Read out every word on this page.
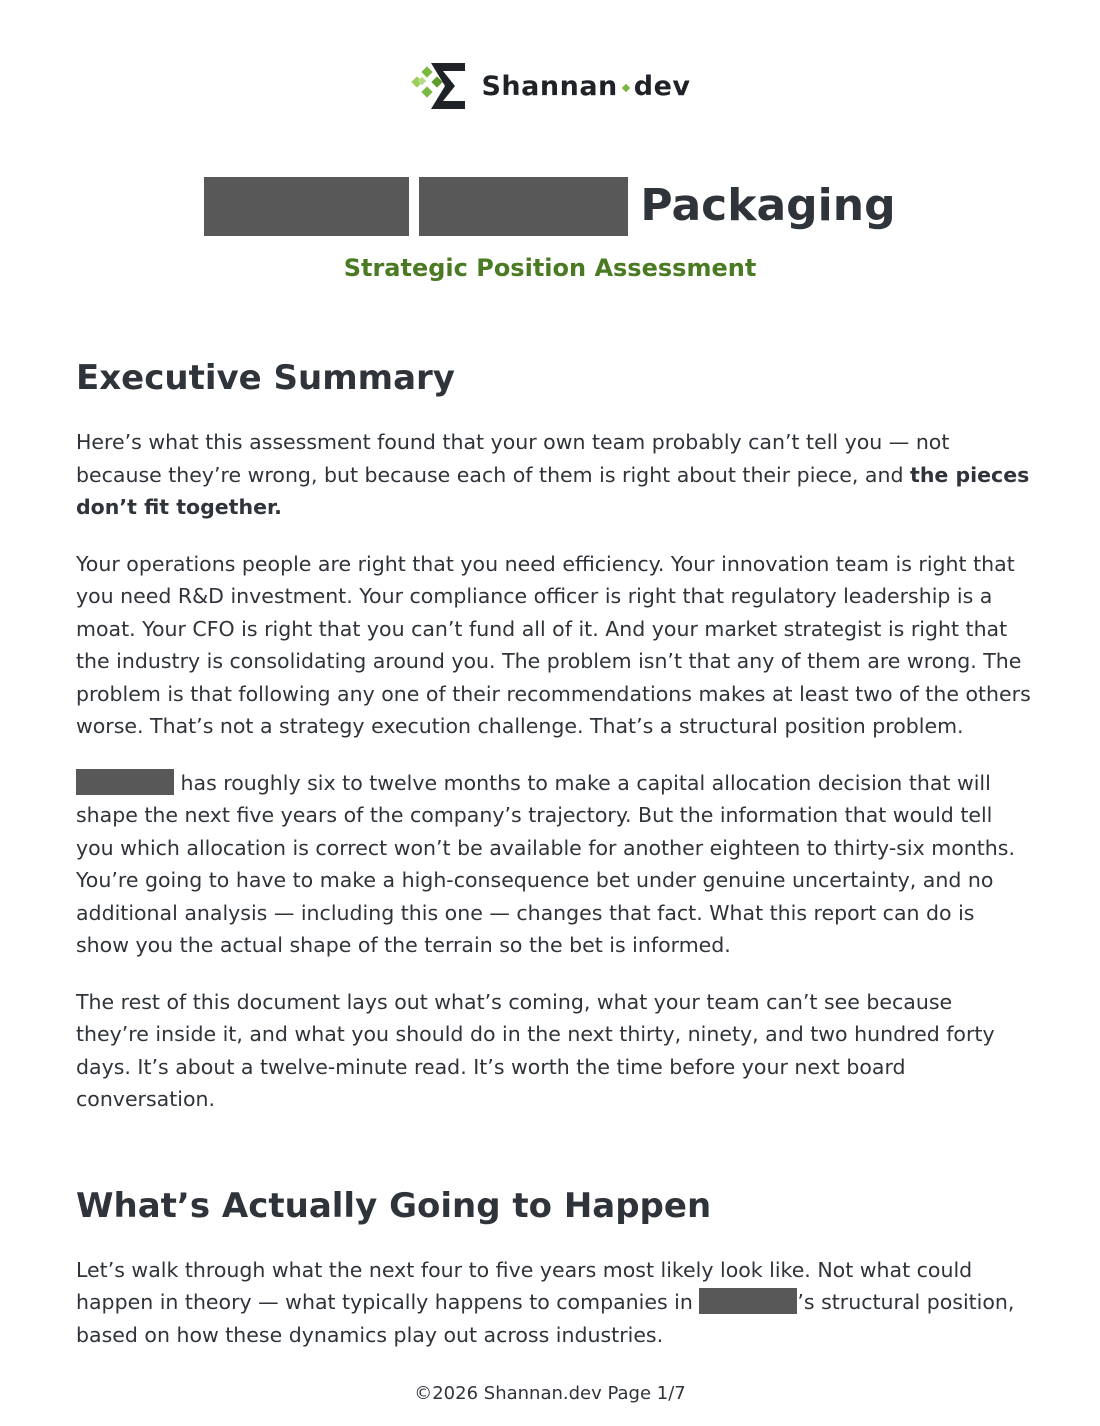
Shannan dev
Packaging
Strategic Position Assessment
Executive Summary

Here’s what this assessment found that your own team probably can’t tell you — not because they’re wrong, but because each of them is right about their piece, and the pieces don’t fit together.

Your operations people are right that you need efficiency. Your innovation team is right that you need R&D investment. Your compliance officer is right that regulatory leadership is a moat. Your CFO is right that you can’t fund all of it. And your market strategist is right that the industry is consolidating around you. The problem isn’t that any of them are wrong. The problem is that following any one of their recommendations makes at least two of the others worse. That’s not a strategy execution challenge. That’s a structural position problem.

has roughly six to twelve months to make a capital allocation decision that will shape the next five years of the company’s trajectory. But the information that would tell you which allocation is correct won’t be available for another eighteen to thirty-six months. You’re going to have to make a high-consequence bet under genuine uncertainty, and no additional analysis — including this one — changes that fact. What this report can do is show you the actual shape of the terrain so the bet is informed.

The rest of this document lays out what’s coming, what your team can’t see because they’re inside it, and what you should do in the next thirty, ninety, and two hundred forty days. It’s about a twelve-minute read. It’s worth the time before your next board conversation.

What’s Actually Going to Happen

Let’s walk through what the next four to five years most likely look like. Not what could happen in theory — what typically happens to companies in	’s structural position, based on how these dynamics play out across industries.

©2026 Shannan.dev Page 1/7
